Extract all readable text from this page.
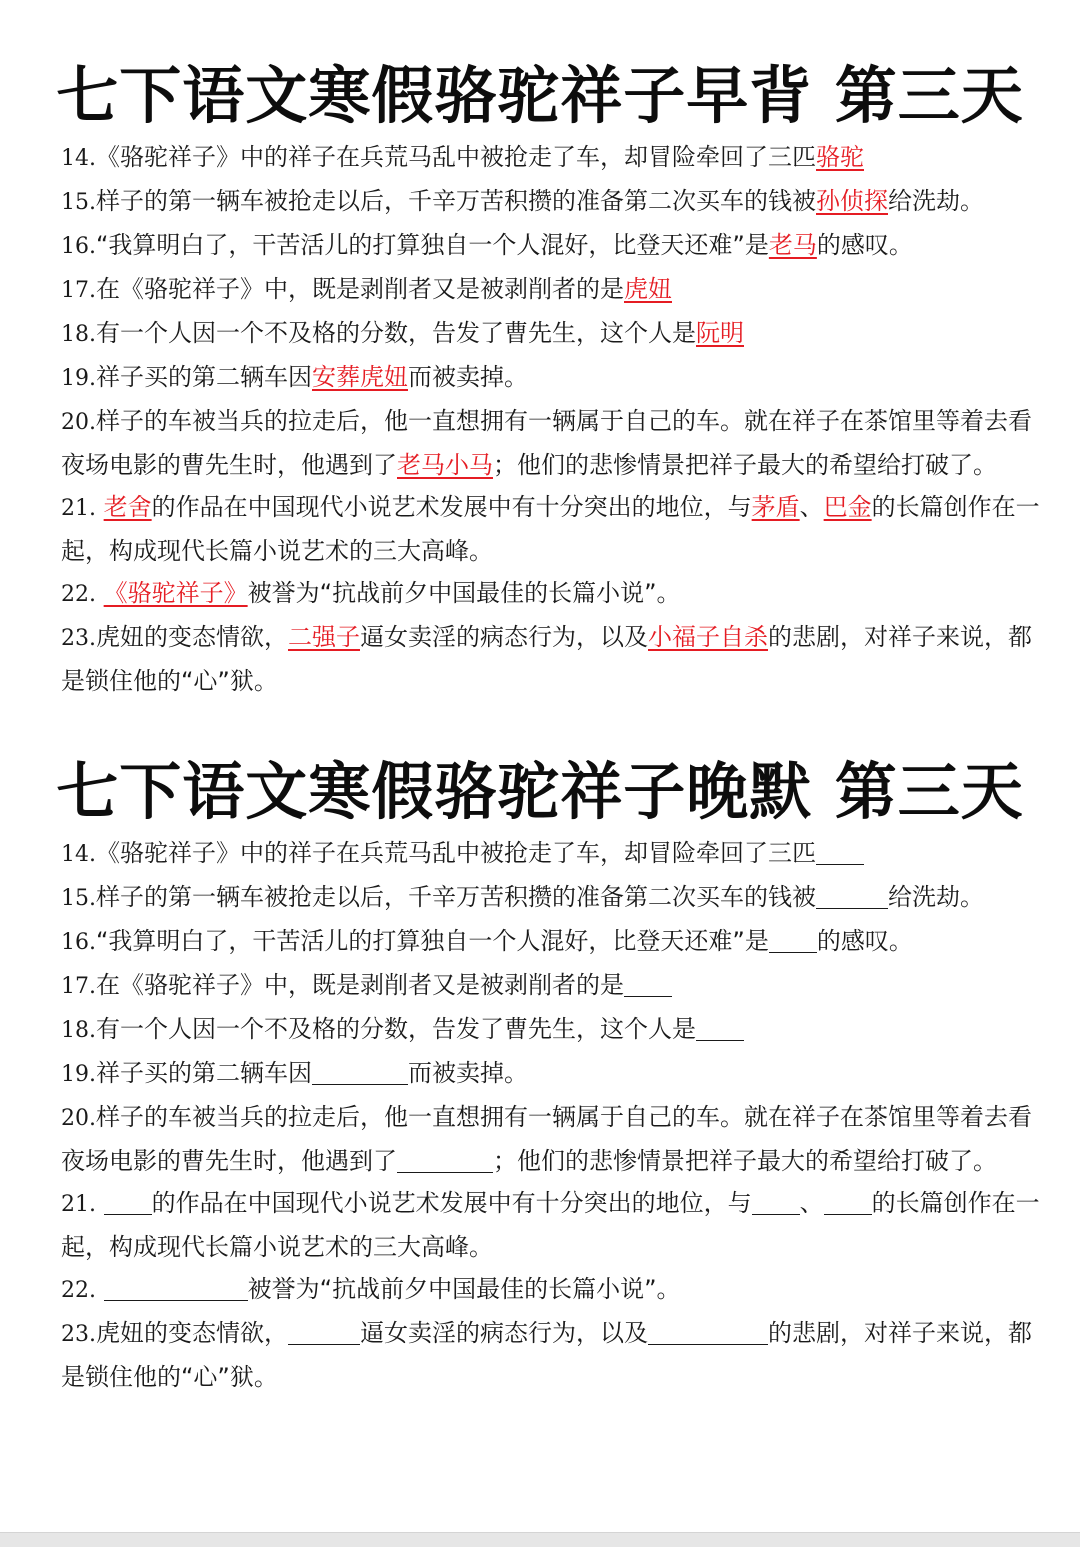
七下语文寒假骆驼祥子早背 第三天
14.《骆驼祥子》中的祥子在兵荒马乱中被抢走了车，却冒险牵回了三匹骆驼
15.样子的第一辆车被抢走以后，千辛万苦积攒的准备第二次买车的钱被孙侦探给洗劫。
16.“我算明白了，干苦活儿的打算独自一个人混好，比登天还难”是老马的感叹。
17.在《骆驼祥子》中，既是剥削者又是被剥削者的是虎妞
18.有一个人因一个不及格的分数，告发了曹先生，这个人是阮明
19.祥子买的第二辆车因安葬虎妞而被卖掉。
20.样子的车被当兵的拉走后，他一直想拥有一辆属于自己的车。就在祥子在茶馆里等着去看夜场电影的曹先生时，他遇到了老马小马；他们的悲惨情景把祥子最大的希望给打破了。
21. 老舍的作品在中国现代小说艺术发展中有十分突出的地位，与茅盾、巴金的长篇创作在一起，构成现代长篇小说艺术的三大高峰。
22. 《骆驼祥子》被誉为“抗战前夕中国最佳的长篇小说”。
23.虎妞的变态情欲，二强子逼女卖淫的病态行为，以及小福子自杀的悲剧，对祥子来说，都是锁住他的“心”狱。
七下语文寒假骆驼祥子晚默 第三天
14.《骆驼祥子》中的祥子在兵荒马乱中被抢走了车，却冒险牵回了三匹
15.样子的第一辆车被抢走以后，千辛万苦积攒的准备第二次买车的钱被	给洗劫。
16.“我算明白了，干苦活儿的打算独自一个人混好，比登天还难”是 的感叹。
17.在《骆驼祥子》中，既是剥削者又是被剥削者的是
18.有一个人因一个不及格的分数，告发了曹先生，这个人是
19.祥子买的第二辆车因	而被卖掉。
20.样子的车被当兵的拉走后，他一直想拥有一辆属于自己的车。就在祥子在茶馆里等着去看夜场电影的曹先生时，他遇到了	；他们的悲惨情景把祥子最大的希望给打破了。
21. 的作品在中国现代小说艺术发展中有十分突出的地位，与 、 的长篇创作在一起，构成现代长篇小说艺术的三大高峰。
22.	被誉为“抗战前夕中国最佳的长篇小说”。
23.虎妞的变态情欲，	逼女卖淫的病态行为，以及	的悲剧，对祥子来说，都是锁住他的“心”狱。
